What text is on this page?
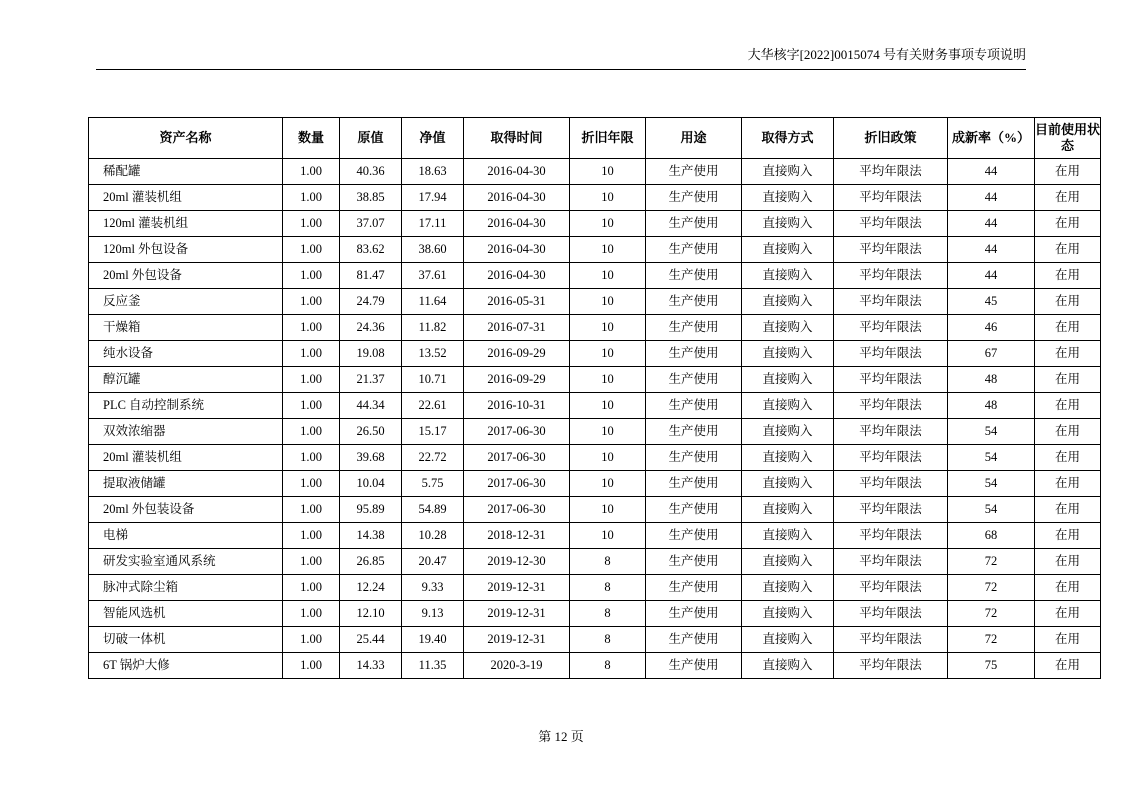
大华核字[2022]0015074 号有关财务事项专项说明
资产名称	数量	原值	净值	取得时间	折旧年限	用途	取得方式	折旧政策	成新率（%）	目前使用状态
稀配罐	1.00	40.36	18.63	2016-04-30	10	生产使用	直接购入	平均年限法	44	在用
20ml 灌装机组	1.00	38.85	17.94	2016-04-30	10	生产使用	直接购入	平均年限法	44	在用
120ml 灌装机组	1.00	37.07	17.11	2016-04-30	10	生产使用	直接购入	平均年限法	44	在用
120ml 外包设备	1.00	83.62	38.60	2016-04-30	10	生产使用	直接购入	平均年限法	44	在用
20ml 外包设备	1.00	81.47	37.61	2016-04-30	10	生产使用	直接购入	平均年限法	44	在用
反应釜	1.00	24.79	11.64	2016-05-31	10	生产使用	直接购入	平均年限法	45	在用
干燥箱	1.00	24.36	11.82	2016-07-31	10	生产使用	直接购入	平均年限法	46	在用
纯水设备	1.00	19.08	13.52	2016-09-29	10	生产使用	直接购入	平均年限法	67	在用
醇沉罐	1.00	21.37	10.71	2016-09-29	10	生产使用	直接购入	平均年限法	48	在用
PLC 自动控制系统	1.00	44.34	22.61	2016-10-31	10	生产使用	直接购入	平均年限法	48	在用
双效浓缩器	1.00	26.50	15.17	2017-06-30	10	生产使用	直接购入	平均年限法	54	在用
20ml 灌装机组	1.00	39.68	22.72	2017-06-30	10	生产使用	直接购入	平均年限法	54	在用
提取液储罐	1.00	10.04	5.75	2017-06-30	10	生产使用	直接购入	平均年限法	54	在用
20ml 外包装设备	1.00	95.89	54.89	2017-06-30	10	生产使用	直接购入	平均年限法	54	在用
电梯	1.00	14.38	10.28	2018-12-31	10	生产使用	直接购入	平均年限法	68	在用
研发实验室通风系统	1.00	26.85	20.47	2019-12-30	8	生产使用	直接购入	平均年限法	72	在用
脉冲式除尘箱	1.00	12.24	9.33	2019-12-31	8	生产使用	直接购入	平均年限法	72	在用
智能风选机	1.00	12.10	9.13	2019-12-31	8	生产使用	直接购入	平均年限法	72	在用
切破一体机	1.00	25.44	19.40	2019-12-31	8	生产使用	直接购入	平均年限法	72	在用
6T 锅炉大修	1.00	14.33	11.35	2020-3-19	8	生产使用	直接购入	平均年限法	75	在用
第 12 页
